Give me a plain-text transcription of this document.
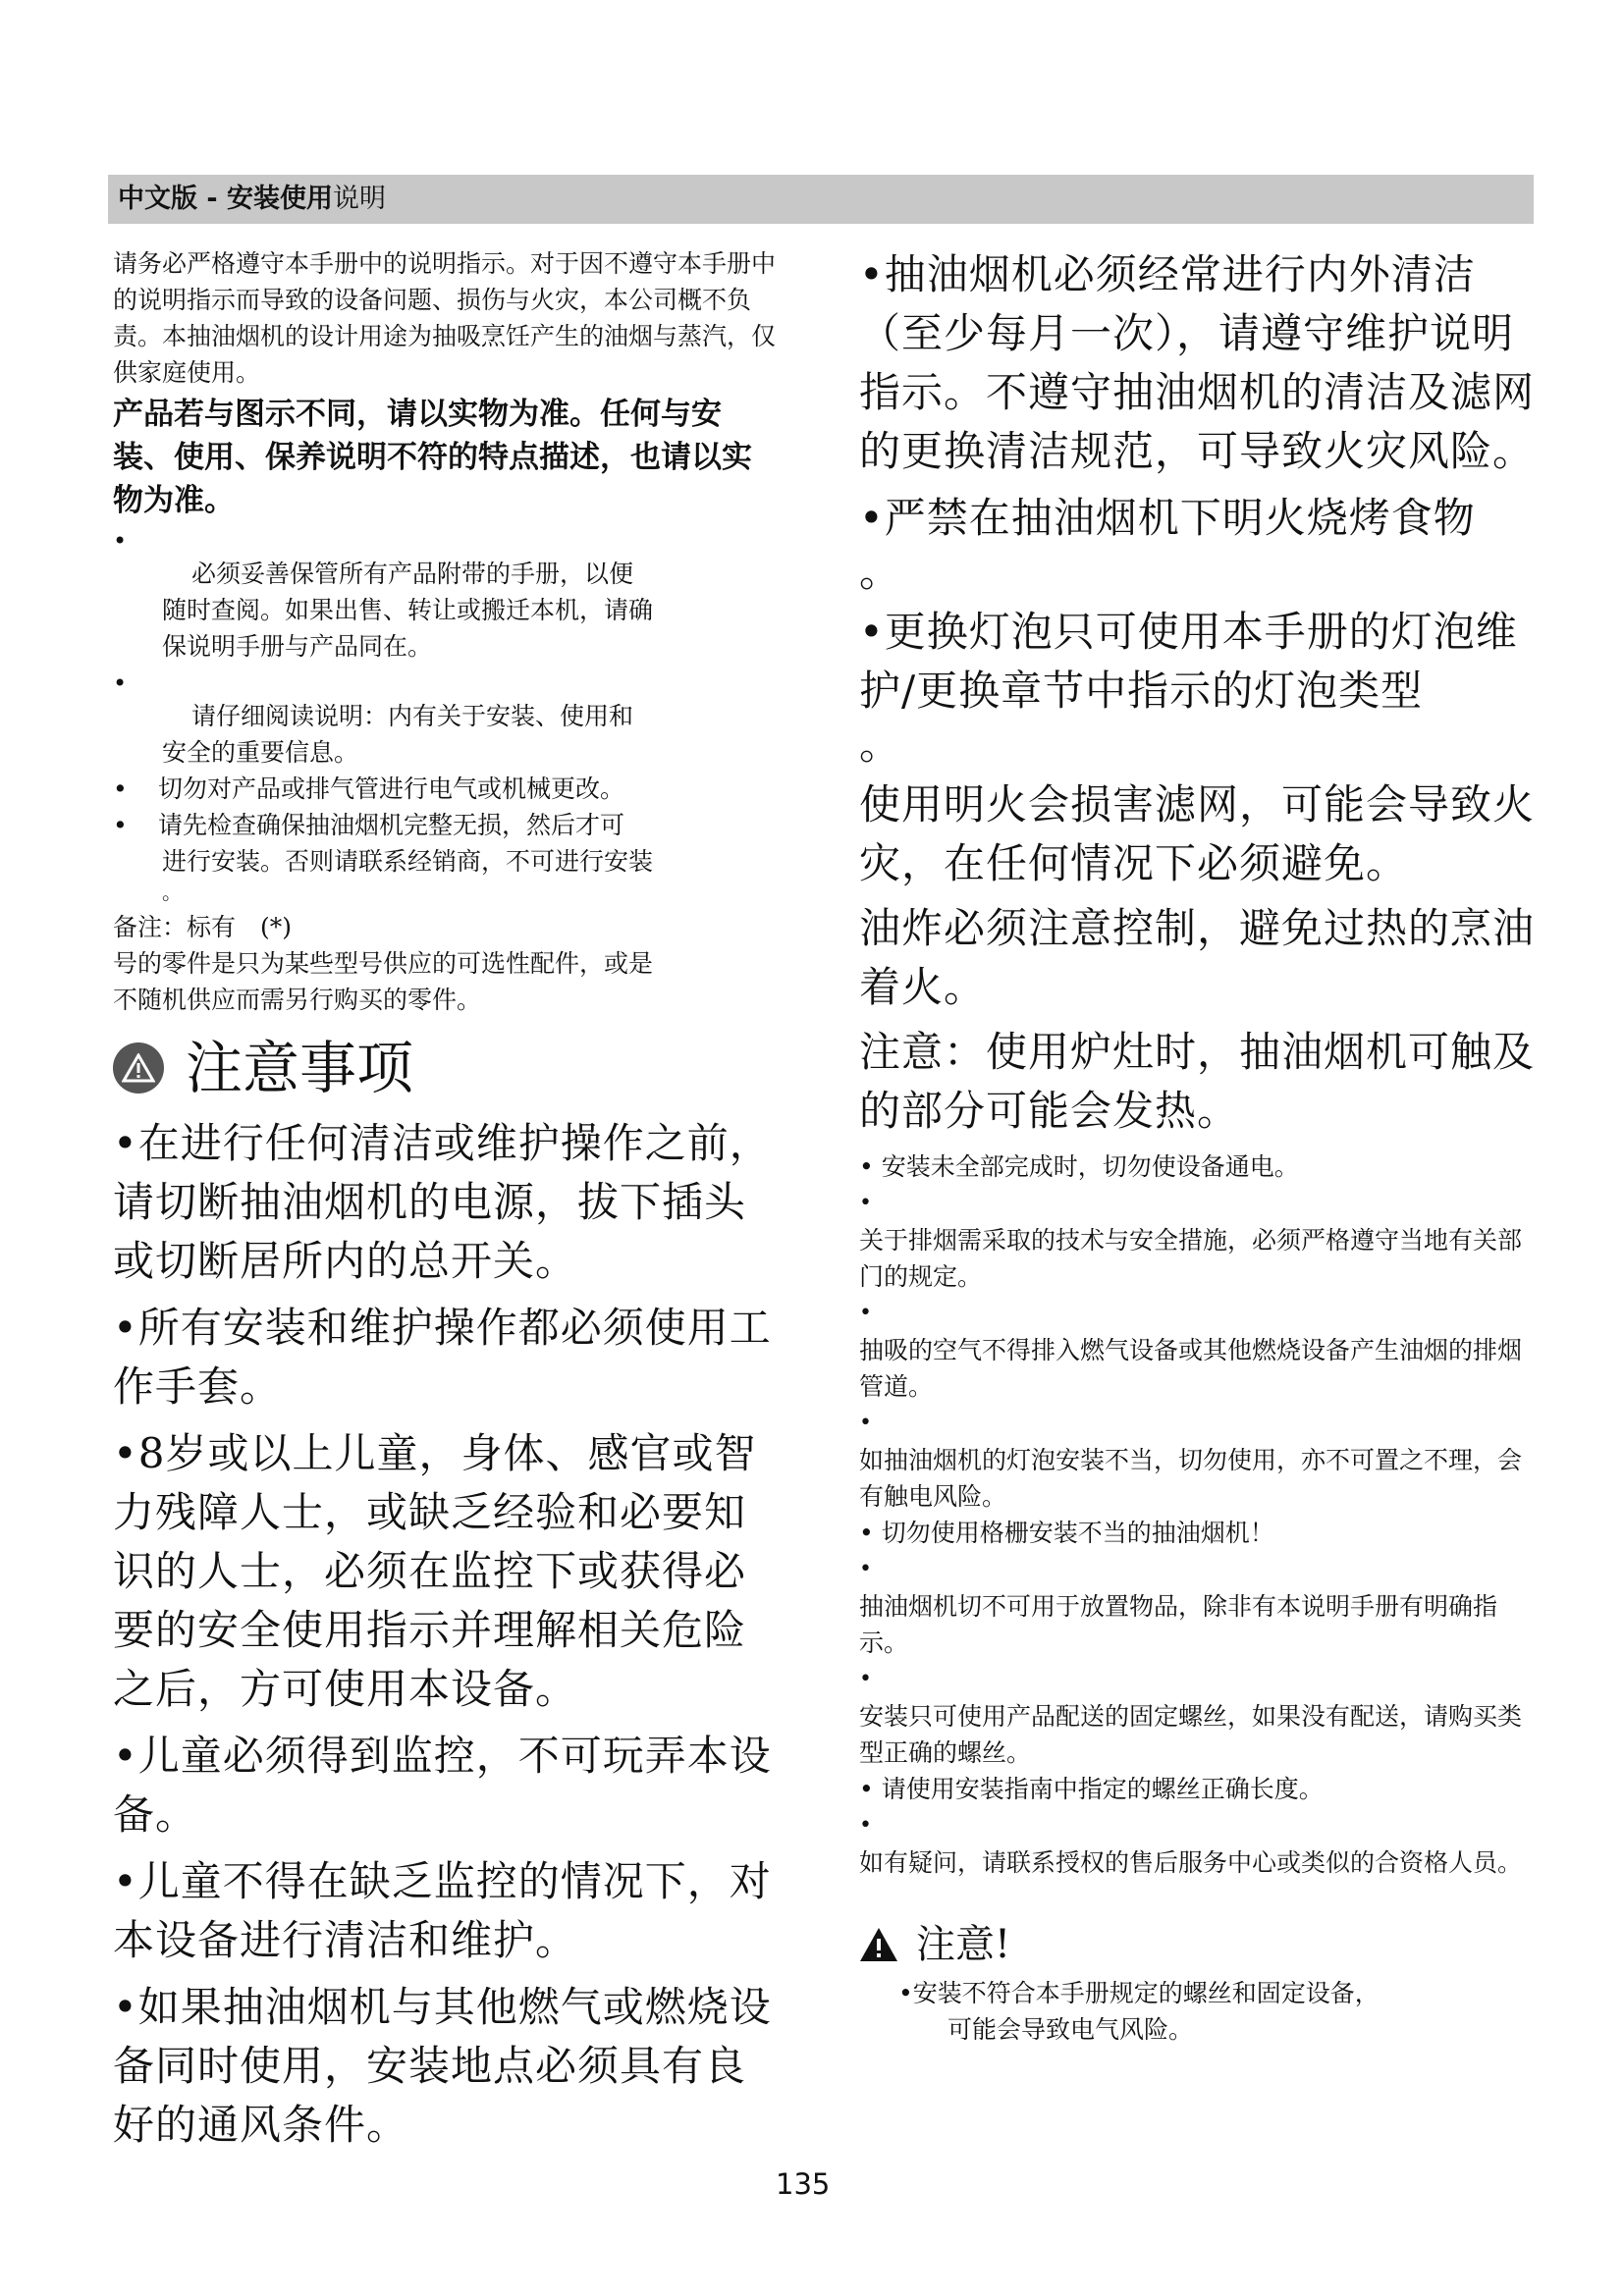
中文版 - 安装使用说明

请务必严格遵守本手册中的说明指示。对于因不遵守本手册中的说明指示而导致的设备问题、损伤与火灾，本公司概不负责。本抽油烟机的设计用途为抽吸烹饪产生的油烟与蒸汽，仅供家庭使用。

产品若与图示不同，请以实物为准。任何与安装、使用、保养说明不符的特点描述，也请以实物为准。

•

必须妥善保管所有产品附带的手册，以便
随时查阅。如果出售、转让或搬迁本机，请确
保说明手册与产品同在。

•

请仔细阅读说明：内有关于安装、使用和
安全的重要信息。

• 切勿对产品或排气管进行电气或机械更改。

• 请先检查确保抽油烟机完整无损，然后才可
进行安装。否则请联系经销商，不可进行安装
。

备注：标有　(*)

号的零件是只为某些型号供应的可选性配件，或是

不随机供应而需另行购买的零件。

注意事项

•在进行任何清洁或维护操作之前，请切断抽油烟机的电源，拔下插头或切断居所内的总开关。

•所有安装和维护操作都必须使用工作手套。

•8岁或以上儿童，身体、感官或智力残障人士，或缺乏经验和必要知识的人士，必须在监控下或获得必要的安全使用指示并理解相关危险之后，方可使用本设备。

•儿童必须得到监控，不可玩弄本设备。

•儿童不得在缺乏监控的情况下，对本设备进行清洁和维护。

•如果抽油烟机与其他燃气或燃烧设备同时使用，安装地点必须具有良好的通风条件。

•抽油烟机必须经常进行内外清洁（至少每月一次），请遵守维护说明指示。不遵守抽油烟机的清洁及滤网的更换清洁规范，可导致火灾风险。

•严禁在抽油烟机下明火烧烤食物

。

•更换灯泡只可使用本手册的灯泡维护/更换章节中指示的灯泡类型

。

使用明火会损害滤网，可能会导致火灾，在任何情况下必须避免。

油炸必须注意控制，避免过热的烹油着火。

注意：使用炉灶时，抽油烟机可触及的部分可能会发热。

• 安装未全部完成时，切勿使设备通电。

•

关于排烟需采取的技术与安全措施，必须严格遵守当地有关部门的规定。

•

抽吸的空气不得排入燃气设备或其他燃烧设备产生油烟的排烟管道。

•

如抽油烟机的灯泡安装不当，切勿使用，亦不可置之不理，会有触电风险。

• 切勿使用格栅安装不当的抽油烟机！

•

抽油烟机切不可用于放置物品，除非有本说明手册有明确指示。

•

安装只可使用产品配送的固定螺丝，如果没有配送，请购买类型正确的螺丝。

• 请使用安装指南中指定的螺丝正确长度。

•

如有疑问，请联系授权的售后服务中心或类似的合资格人员。

注意!

•安装不符合本手册规定的螺丝和固定设备，
可能会导致电气风险。

135
